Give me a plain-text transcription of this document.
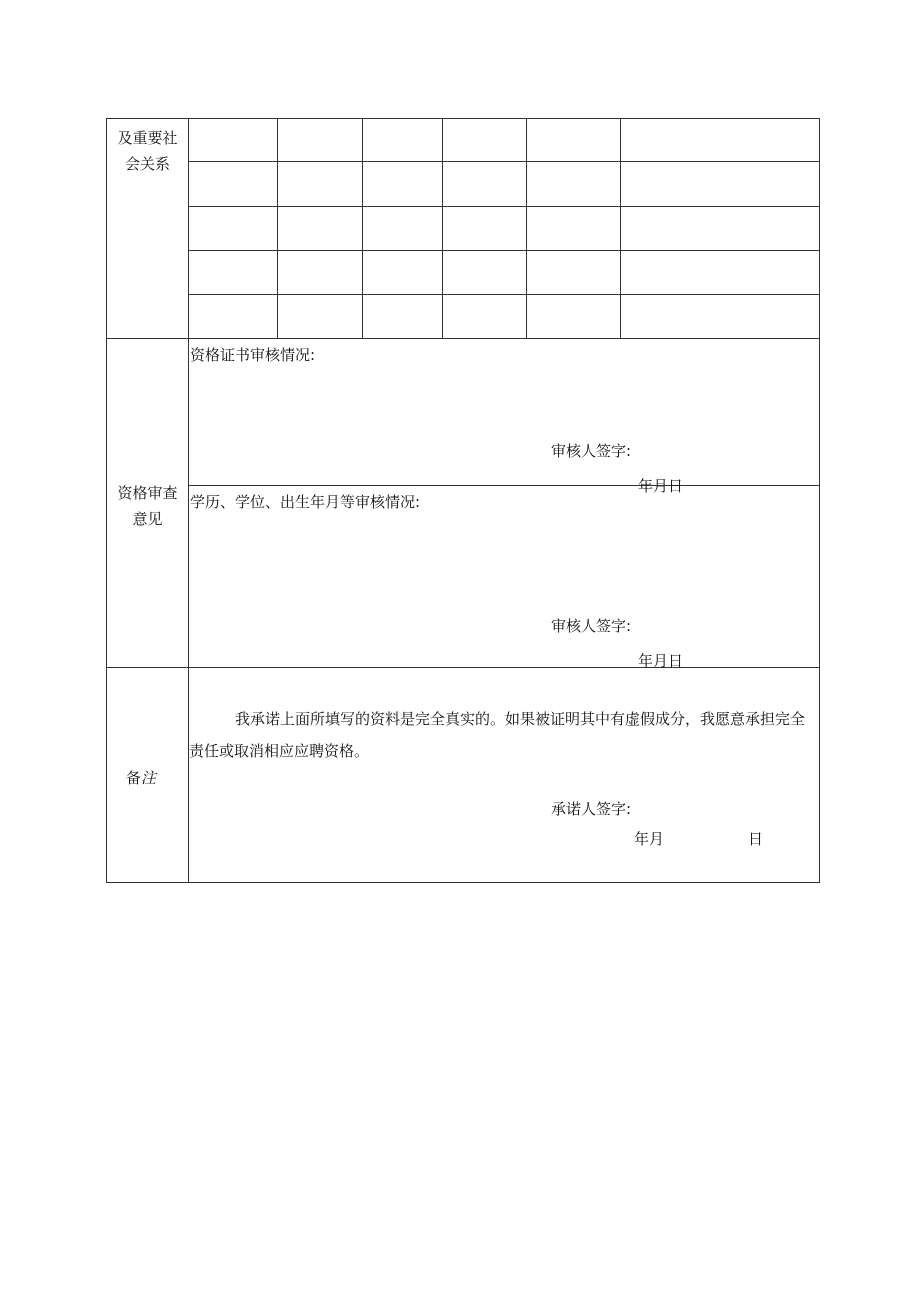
及重要社
会关系
资格审查
意见
资格证书审核情况:
审核人签字:
年月日
学历、学位、出生年月等审核情况:
审核人签字:
年月日
备注
我承诺上面所填写的资料是完全真实的。如果被证明其中有虚假成分，我愿意承担完全责任或取消相应应聘资格。
承诺人签字:
年月	日
